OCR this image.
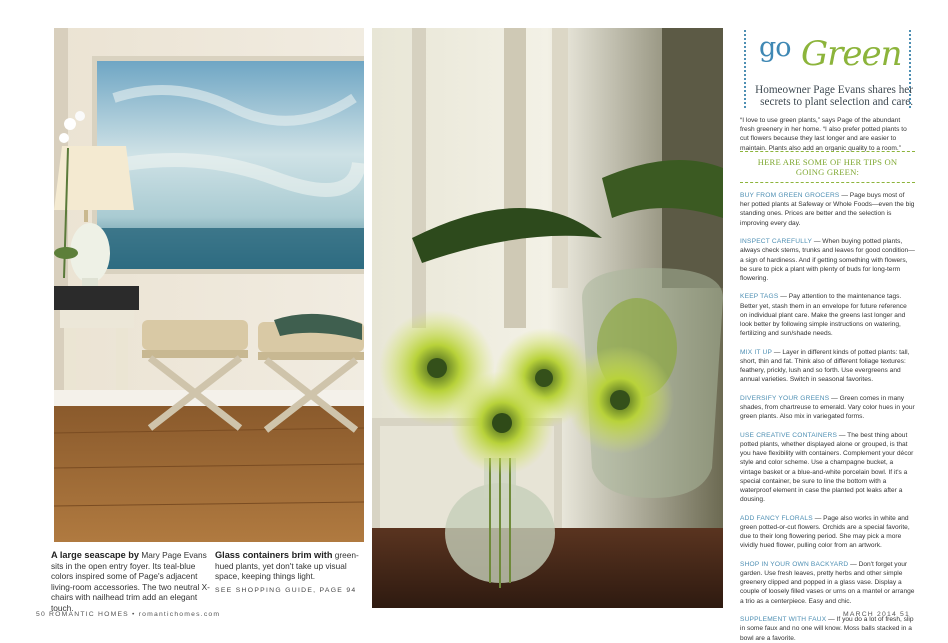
A large seascape by Mary Page Evans sits in the open entry foyer. Its teal-blue colors inspired some of Page's adjacent living-room accessories. The two neutral X-chairs with nailhead trim add an elegant touch.

Glass containers brim with green-hued plants, yet don't take up visual space, keeping things light.

SEE SHOPPING GUIDE, PAGE 94
50 ROMANTIC HOMES • romantichomes.com	MARCH 2014 51
go Green
Homeowner Page Evans shares her secrets to plant selection and care.

“I love to use green plants,” says Page of the abundant fresh greenery in her home. “I also prefer potted plants to cut flowers because they last longer and are easier to maintain. Plants also add an organic quality to a room.”

HERE ARE SOME OF HER TIPS ON GOING GREEN:

BUY FROM GREEN GROCERS — Page buys most of her potted plants at Safeway or Whole Foods—even the big standing ones. Prices are better and the selection is improving every day.

INSPECT CAREFULLY — When buying potted plants, always check stems, trunks and leaves for good condition—a sign of hardiness. And if getting something with flowers, be sure to pick a plant with plenty of buds for long-term flowering.

KEEP TAGS — Pay attention to the maintenance tags. Better yet, stash them in an envelope for future reference on individual plant care. Make the greens last longer and look better by following simple instructions on watering, fertilizing and sun/shade needs.

MIX IT UP — Layer in different kinds of potted plants: tall, short, thin and fat. Think also of different foliage textures: feathery, prickly, lush and so forth. Use evergreens and annual varieties. Switch in seasonal favorites.

DIVERSIFY YOUR GREENS — Green comes in many shades, from chartreuse to emerald. Vary color hues in your green plants. Also mix in variegated forms.

USE CREATIVE CONTAINERS — The best thing about potted plants, whether displayed alone or grouped, is that you have flexibility with containers. Complement your décor style and color scheme. Use a champagne bucket, a vintage basket or a blue-and-white porcelain bowl. If it's a special container, be sure to line the bottom with a waterproof element in case the planted pot leaks after a dousing.

ADD FANCY FLORALS — Page also works in white and green potted-or-cut flowers. Orchids are a special favorite, due to their long flowering period. She may pick a more vividly hued flower, pulling color from an artwork.

SHOP IN YOUR OWN BACKYARD — Don't forget your garden. Use fresh leaves, pretty herbs and other simple greenery clipped and popped in a glass vase. Display a couple of loosely filled vases or urns on a mantel or arrange a trio as a centerpiece. Easy and chic.

SUPPLEMENT WITH FAUX — If you do a lot of fresh, slip in some faux and no one will know. Moss balls stacked in a bowl are a favorite.
